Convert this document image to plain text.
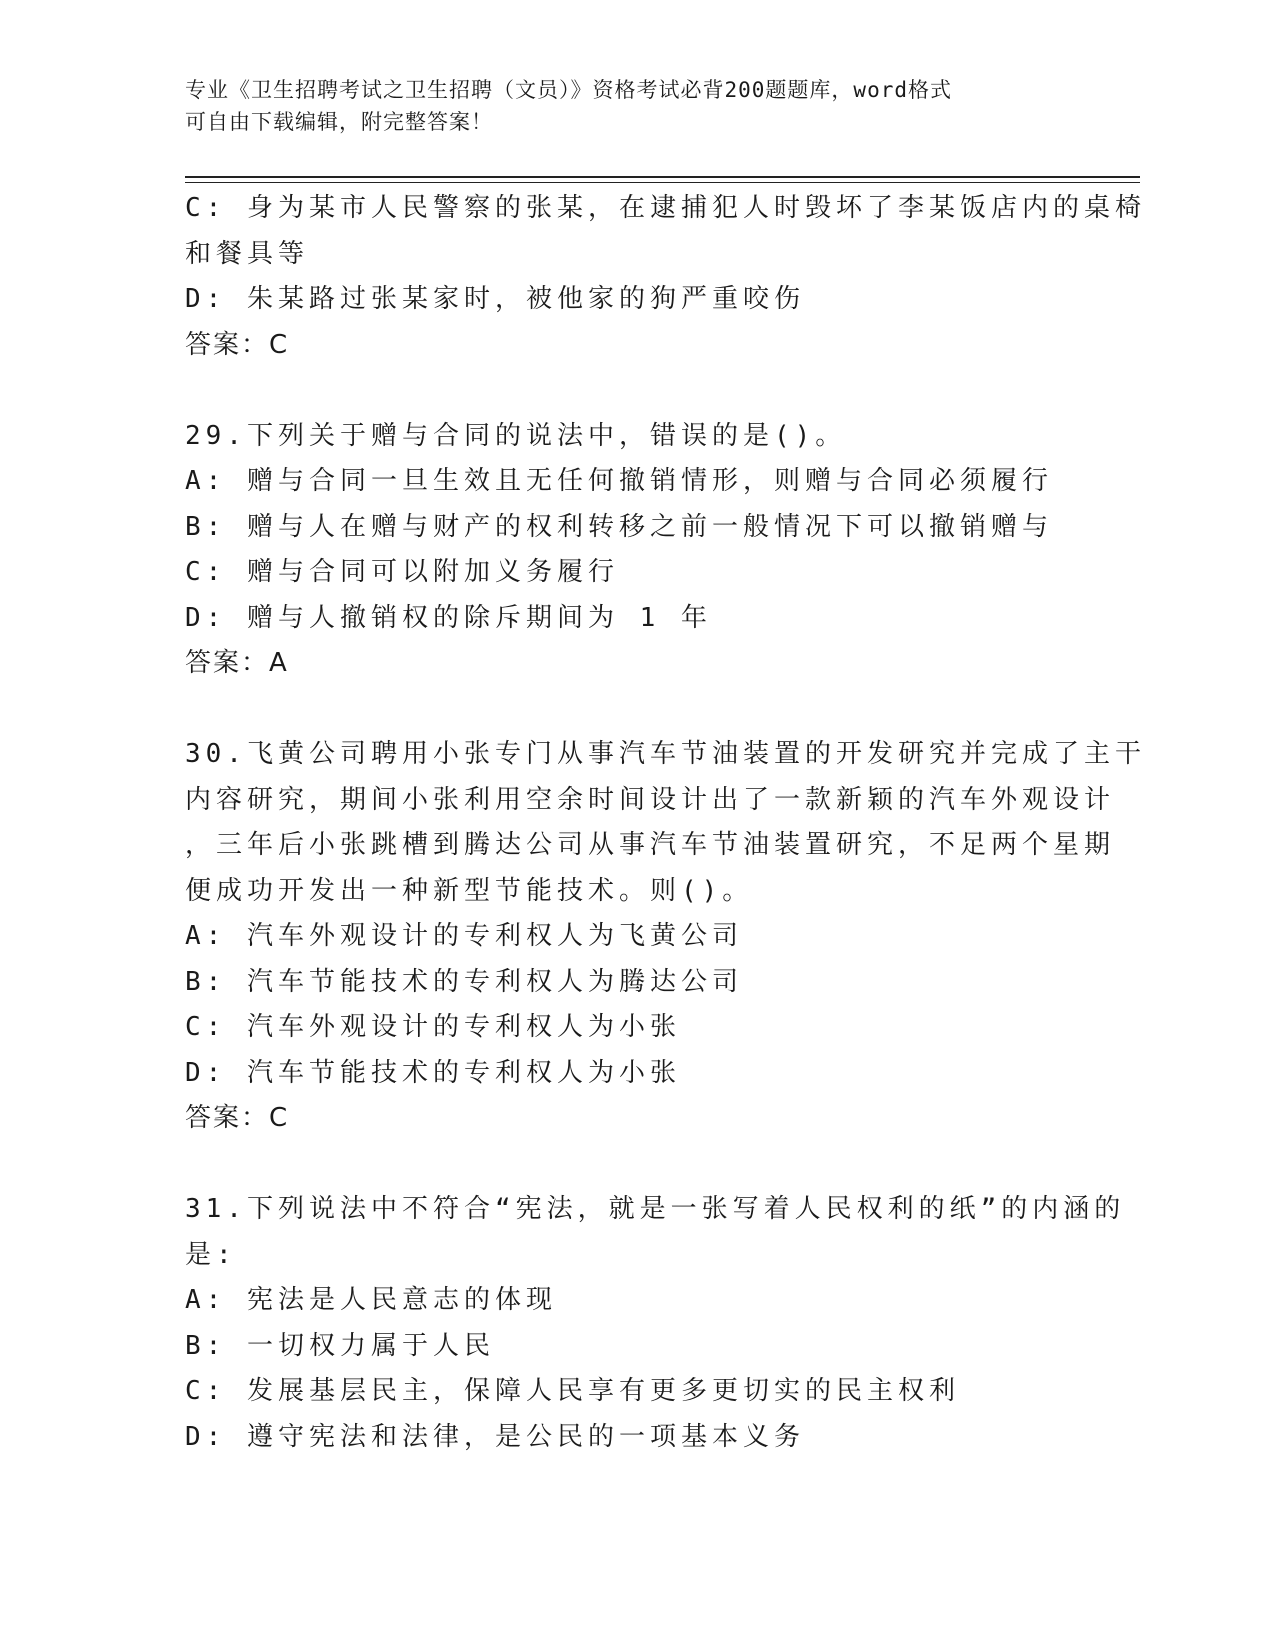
专业《卫生招聘考试之卫生招聘（文员）》资格考试必背200题题库，word格式
可自由下载编辑，附完整答案！
C: 身为某市人民警察的张某，在逮捕犯人时毁坏了李某饭店内的桌椅
和餐具等
D: 朱某路过张某家时，被他家的狗严重咬伤
答案：C
29.下列关于赠与合同的说法中，错误的是()。
A: 赠与合同一旦生效且无任何撤销情形，则赠与合同必须履行
B: 赠与人在赠与财产的权利转移之前一般情况下可以撤销赠与
C: 赠与合同可以附加义务履行
D: 赠与人撤销权的除斥期间为 1 年
答案：A
30.飞黄公司聘用小张专门从事汽车节油装置的开发研究并完成了主干
内容研究，期间小张利用空余时间设计出了一款新颖的汽车外观设计
，三年后小张跳槽到腾达公司从事汽车节油装置研究，不足两个星期
便成功开发出一种新型节能技术。则()。
A: 汽车外观设计的专利权人为飞黄公司
B: 汽车节能技术的专利权人为腾达公司
C: 汽车外观设计的专利权人为小张
D: 汽车节能技术的专利权人为小张
答案：C
31.下列说法中不符合“宪法，就是一张写着人民权利的纸”的内涵的
是:
A: 宪法是人民意志的体现
B: 一切权力属于人民
C: 发展基层民主，保障人民享有更多更切实的民主权利
D: 遵守宪法和法律，是公民的一项基本义务
